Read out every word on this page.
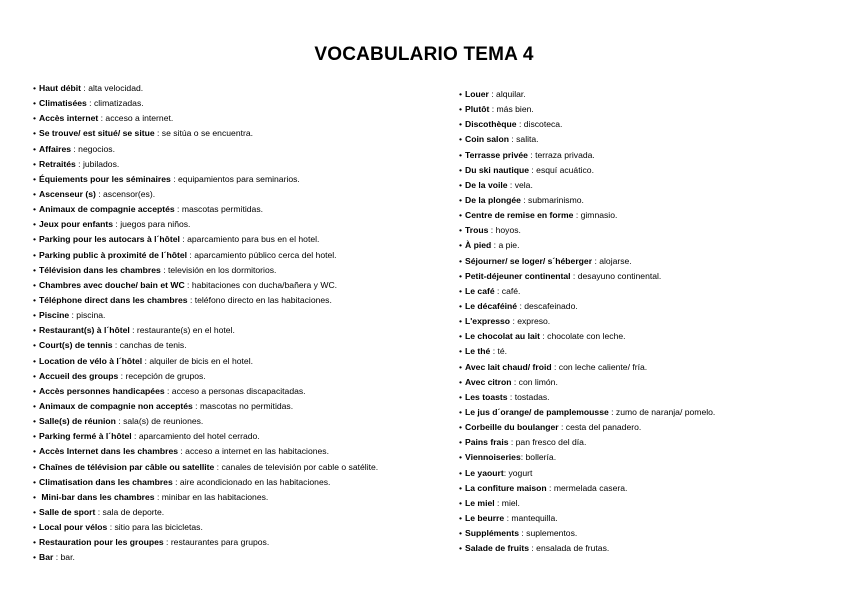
VOCABULARIO TEMA 4
• Haut débit : alta velocidad.
• Climatisées : climatizadas.
• Accès internet : acceso a internet.
• Se trouve/ est situé/ se situe : se sitúa o se encuentra.
• Affaires : negocios.
• Retraités : jubilados.
• Équiements pour les séminaires : equipamientos para seminarios.
• Ascenseur (s) : ascensor(es).
• Animaux de compagnie acceptés : mascotas permitidas.
• Jeux pour enfants : juegos para niños.
• Parking pour les autocars à l´hôtel : aparcamiento para bus en el hotel.
• Parking public à proximité de l´hôtel : aparcamiento público cerca del hotel.
• Télévision dans les chambres : televisión en los dormitorios.
• Chambres avec douche/ bain et WC : habitaciones con ducha/bañera y WC.
• Téléphone direct dans les chambres : teléfono directo en las habitaciones.
• Piscine : piscina.
• Restaurant(s) à l´hôtel : restaurante(s) en el hotel.
• Court(s) de tennis : canchas de tenis.
• Location de vélo à l´hôtel : alquiler de bicis en el hotel.
• Accueil des groups : recepción de grupos.
• Accès personnes handicapées : acceso a personas discapacitadas.
• Animaux de compagnie non acceptés : mascotas no permitidas.
• Salle(s) de réunion : sala(s) de reuniones.
• Parking fermé à l´hôtel : aparcamiento del hotel cerrado.
• Accès Internet dans les chambres : acceso a internet en las habitaciones.
• Chaînes de télévision par câble ou satellite : canales de televisión por cable o satélite.
• Climatisation dans les chambres : aire acondicionado en las habitaciones.
• Mini-bar dans les chambres : minibar en las habitaciones.
• Salle de sport : sala de deporte.
• Local pour vélos : sitio para las bicicletas.
• Restauration pour les groupes : restaurantes para grupos.
• Bar : bar.
• Louer : alquilar.
• Plutôt : más bien.
• Discothèque : discoteca.
• Coin salon : salita.
• Terrasse privée : terraza privada.
• Du ski nautique : esquí acuático.
• De la voile : vela.
• De la plongée : submarinismo.
• Centre de remise en forme : gimnasio.
• Trous : hoyos.
• À pied : a pie.
• Séjourner/ se loger/ s´héberger : alojarse.
• Petit-déjeuner continental : desayuno continental.
• Le café : café.
• Le décaféiné : descafeinado.
• L'expresso : expreso.
• Le chocolat au lait : chocolate con leche.
• Le thé : té.
• Avec lait chaud/ froid : con leche caliente/ fría.
• Avec citron : con limón.
• Les toasts : tostadas.
• Le jus d´orange/ de pamplemousse : zumo de naranja/ pomelo.
• Corbeille du boulanger : cesta del panadero.
• Pains frais : pan fresco del día.
• Viennoiseries: bollería.
• Le yaourt: yogurt
• La confiture maison : mermelada casera.
• Le miel : miel.
• Le beurre : mantequilla.
• Suppléments : suplementos.
• Salade de fruits : ensalada de frutas.
